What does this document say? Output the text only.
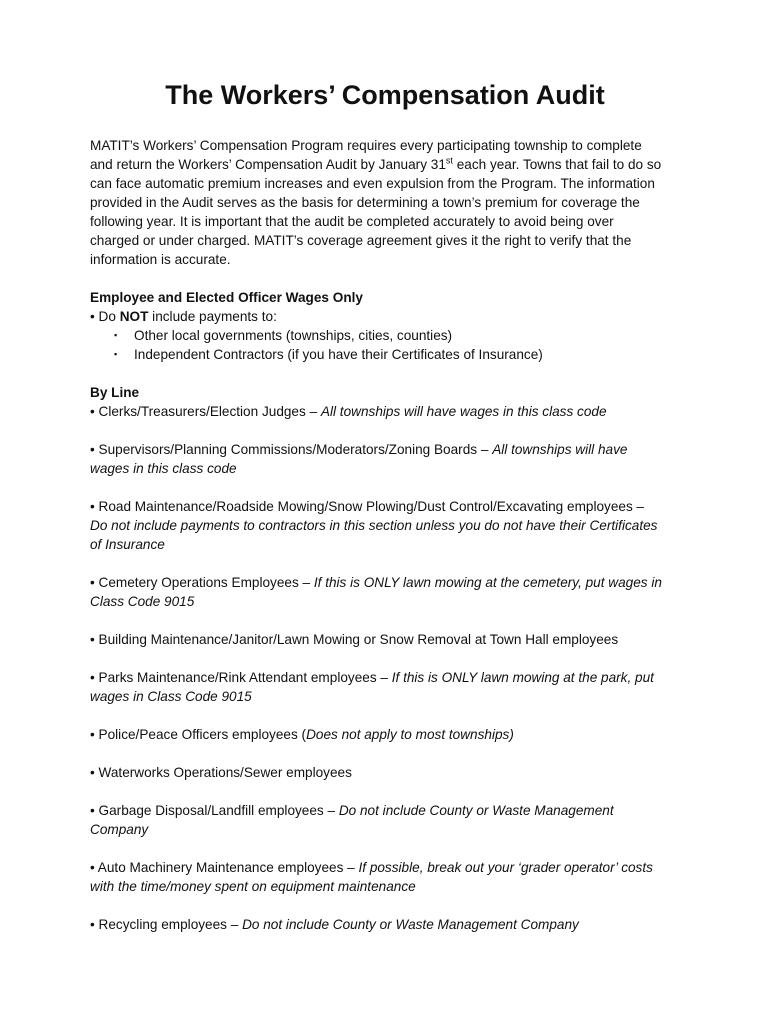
The Workers’ Compensation Audit

MATIT’s Workers’ Compensation Program requires every participating township to complete
and return the Workers’ Compensation Audit by January 31st each year. Towns that fail to do so
can face automatic premium increases and even expulsion from the Program. The information
provided in the Audit serves as the basis for determining a town’s premium for coverage the
following year. It is important that the audit be completed accurately to avoid being over
charged or under charged. MATIT’s coverage agreement gives it the right to verify that the
information is accurate.

Employee and Elected Officer Wages Only
• Do NOT include payments to:
▪ Other local governments (townships, cities, counties)
▪ Independent Contractors (if you have their Certificates of Insurance)
By Line
• Clerks/Treasurers/Election Judges – All townships will have wages in this class code
• Supervisors/Planning Commissions/Moderators/Zoning Boards – All townships will have
wages in this class code
• Road Maintenance/Roadside Mowing/Snow Plowing/Dust Control/Excavating employees –
Do not include payments to contractors in this section unless you do not have their Certificates
of Insurance
• Cemetery Operations Employees – If this is ONLY lawn mowing at the cemetery, put wages in
Class Code 9015
• Building Maintenance/Janitor/Lawn Mowing or Snow Removal at Town Hall employees
• Parks Maintenance/Rink Attendant employees – If this is ONLY lawn mowing at the park, put
wages in Class Code 9015
• Police/Peace Officers employees (Does not apply to most townships)
• Waterworks Operations/Sewer employees
• Garbage Disposal/Landfill employees – Do not include County or Waste Management
Company
• Auto Machinery Maintenance employees – If possible, break out your ‘grader operator’ costs
with the time/money spent on equipment maintenance
• Recycling employees – Do not include County or Waste Management Company
